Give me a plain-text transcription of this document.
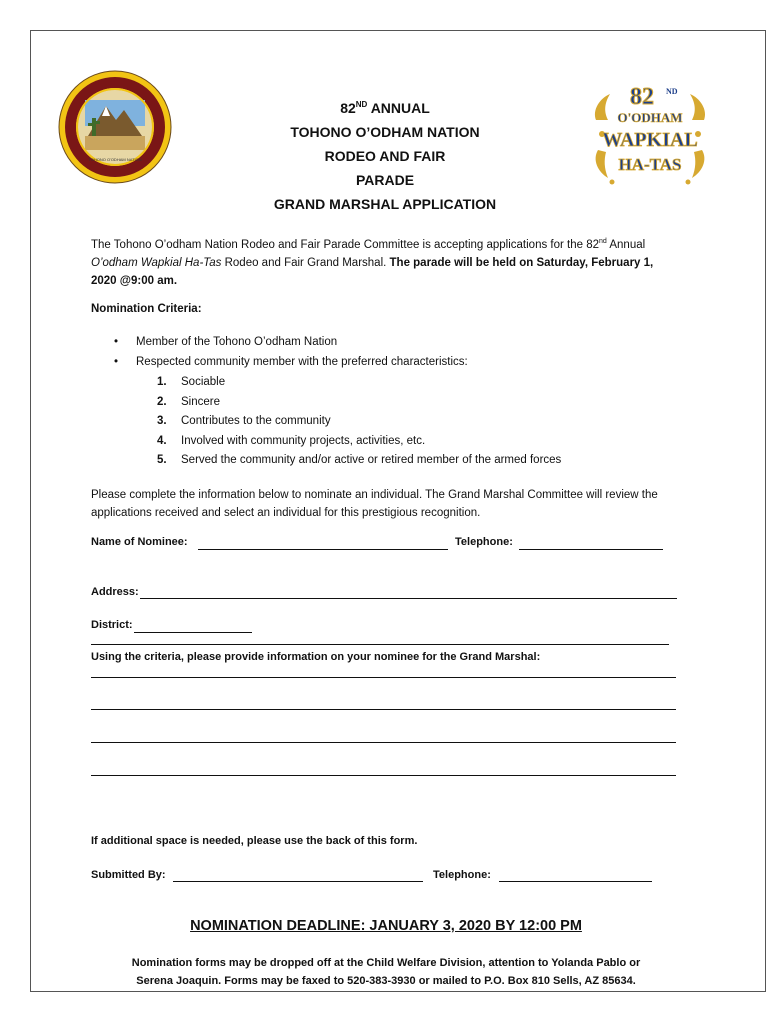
TOHONO O'ODHAM NATION
82 ND
O'ODHAM
WAPKIAL
HA-TAS
82ND ANNUAL
TOHONO O’ODHAM NATION
RODEO AND FAIR
PARADE
GRAND MARSHAL APPLICATION
The Tohono O’odham Nation Rodeo and Fair Parade Committee is accepting applications for the 82nd Annual O’odham Wapkial Ha-Tas Rodeo and Fair Grand Marshal. The parade will be held on Saturday, February 1, 2020 @9:00 am.
Nomination Criteria:
•	Member of the Tohono O’odham Nation
•	Respected community member with the preferred characteristics:
1.	Sociable
2.	Sincere
3.	Contributes to the community
4.	Involved with community projects, activities, etc.
5.	Served the community and/or active or retired member of the armed forces
Please complete the information below to nominate an individual. The Grand Marshal Committee will review the applications received and select an individual for this prestigious recognition.
Name of Nominee:	Telephone:
Address:
District:
Using the criteria, please provide information on your nominee for the Grand Marshal:
If additional space is needed, please use the back of this form.
Submitted By:	Telephone:
NOMINATION DEADLINE: JANUARY 3, 2020 BY 12:00 PM
Nomination forms may be dropped off at the Child Welfare Division, attention to Yolanda Pablo or
Serena Joaquin. Forms may be faxed to 520-383-3930 or mailed to P.O. Box 810 Sells, AZ 85634.
